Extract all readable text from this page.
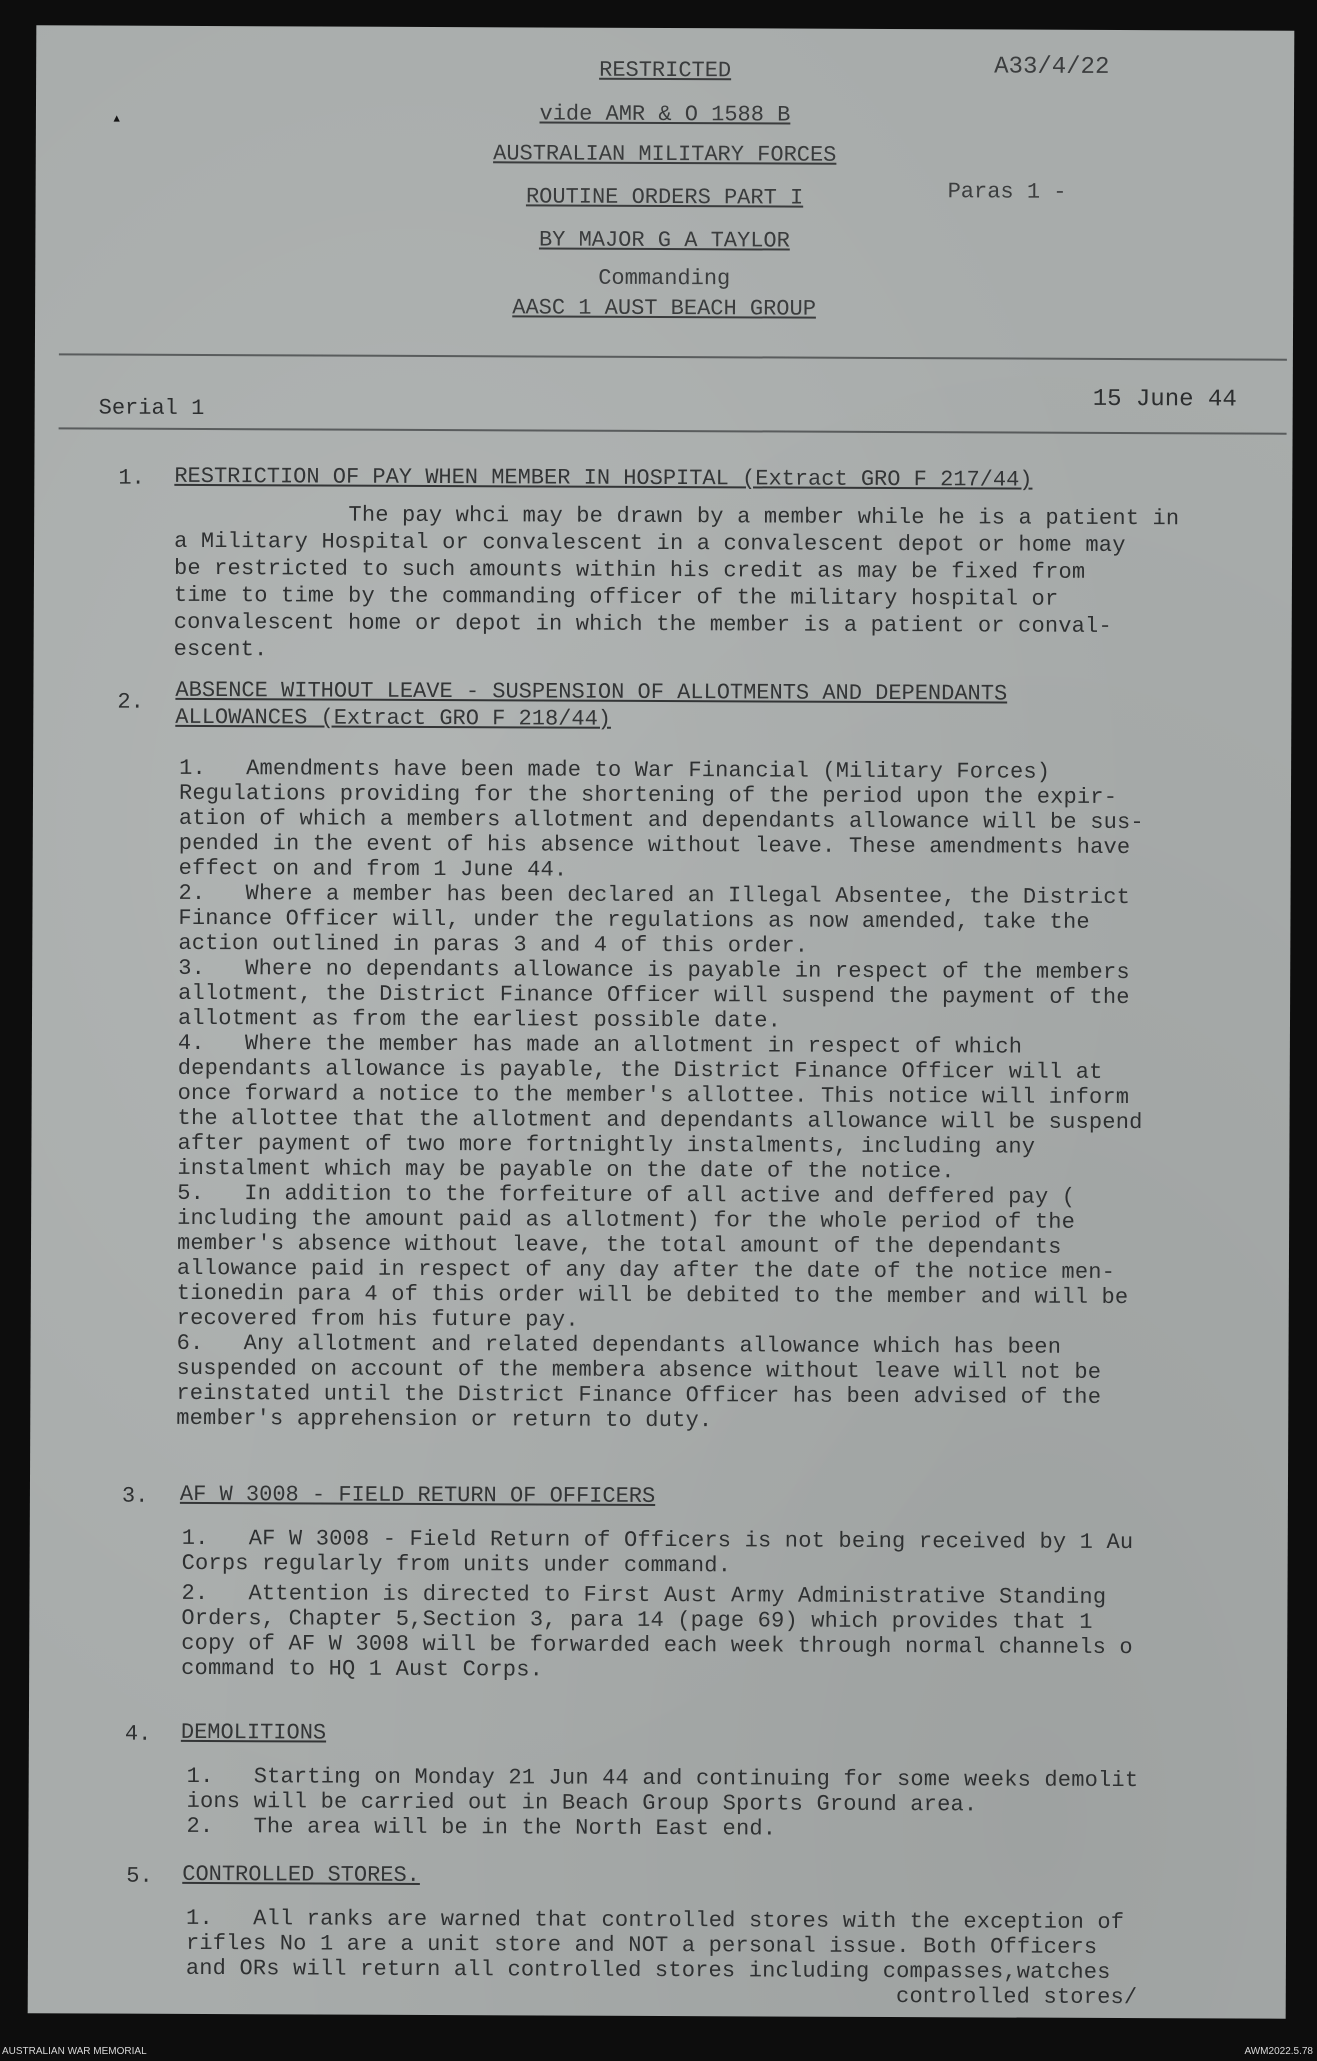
RESTRICTED
vide AMR & O 1588 B
AUSTRALIAN MILITARY FORCES
ROUTINE ORDERS PART I
BY MAJOR G A TAYLOR
Commanding
AASC 1 AUST BEACH GROUP
A33/4/22
Paras 1 -
Serial 1	15 June 44
1. RESTRICTION OF PAY WHEN MEMBER IN HOSPITAL (Extract GRO F 217/44)
The pay whci may be drawn by a member while he is a patient in
a Military Hospital or convalescent in a convalescent depot or home may
be restricted to such amounts within his credit as may be fixed from
time to time by the commanding officer of the military hospital or
convalescent home or depot in which the member is a patient or conval-
escent.
2. ABSENCE WITHOUT LEAVE - SUSPENSION OF ALLOTMENTS AND DEPENDANTS
ALLOWANCES (Extract GRO F 218/44)
1.   Amendments have been made to War Financial (Military Forces)
Regulations providing for the shortening of the period upon the expir-
ation of which a members allotment and dependants allowance will be sus-
pended in the event of his absence without leave. These amendments have
effect on and from 1 June 44.
2.   Where a member has been declared an Illegal Absentee, the District
Finance Officer will, under the regulations as now amended, take the
action outlined in paras 3 and 4 of this order.
3.   Where no dependants allowance is payable in respect of the members
allotment, the District Finance Officer will suspend the payment of the
allotment as from the earliest possible date.
4.   Where the member has made an allotment in respect of which
dependants allowance is payable, the District Finance Officer will at
once forward a notice to the member's allottee. This notice will inform
the allottee that the allotment and dependants allowance will be suspend
after payment of two more fortnightly instalments, including any
instalment which may be payable on the date of the notice.
5.   In addition to the forfeiture of all active and deffered pay (
including the amount paid as allotment) for the whole period of the
member's absence without leave, the total amount of the dependants
allowance paid in respect of any day after the date of the notice men-
tionedin para 4 of this order will be debited to the member and will be
recovered from his future pay.
6.   Any allotment and related dependants allowance which has been
suspended on account of the membera absence without leave will not be
reinstated until the District Finance Officer has been advised of the
member's apprehension or return to duty.
3. AF W 3008 - FIELD RETURN OF OFFICERS
1.   AF W 3008 - Field Return of Officers is not being received by 1 Au
Corps regularly from units under command.
2.   Attention is directed to First Aust Army Administrative Standing
Orders, Chapter 5,Section 3, para 14 (page 69) which provides that 1
copy of AF W 3008 will be forwarded each week through normal channels o
command to HQ 1 Aust Corps.
4. DEMOLITIONS
1.   Starting on Monday 21 Jun 44 and continuing for some weeks demolit
ions will be carried out in Beach Group Sports Ground area.
2.   The area will be in the North East end.
5. CONTROLLED STORES.
1.   All ranks are warned that controlled stores with the exception of
rifles No 1 are a unit store and NOT a personal issue. Both Officers
and ORs will return all controlled stores including compasses,watches
controlled stores/
▴
AUSTRALIAN WAR MEMORIAL	AWM2022.5.78
